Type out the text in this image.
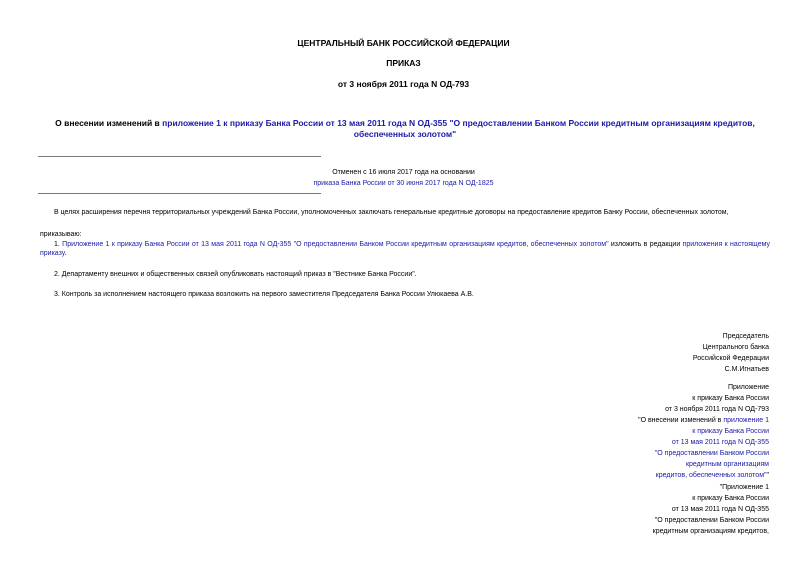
ЦЕНТРАЛЬНЫЙ БАНК РОССИЙСКОЙ ФЕДЕРАЦИИ
ПРИКАЗ
от 3 ноября 2011 года N ОД-793
О внесении изменений в приложение 1 к приказу Банка России от 13 мая 2011 года N ОД-355 "О предоставлении Банком России кредитным организациям кредитов, обеспеченных золотом"
Отменен с 16 июля 2017 года на основании
приказа Банка России от 30 июня 2017 года N ОД-1825
В целях расширения перечня территориальных учреждений Банка России, уполномоченных заключать генеральные кредитные договоры на предоставление кредитов Банку России, обеспеченных золотом,
приказываю:
1. Приложение 1 к приказу Банка России от 13 мая 2011 года N ОД-355 "О предоставлении Банком России кредитным организациям кредитов, обеспеченных золотом" изложить в редакции приложения к настоящему приказу.
2. Департаменту внешних и общественных связей опубликовать настоящий приказ в "Вестнике Банка России".
3. Контроль за исполнением настоящего приказа возложить на первого заместителя Председателя Банка России Улюкаева А.В.
Председатель
Центрального банка
Российской Федерации
С.М.Игнатьев
Приложение
к приказу Банка России
от 3 ноября 2011 года N ОД-793
"О внесении изменений в приложение 1
к приказу Банка России
от 13 мая 2011 года N ОД-355
"О предоставлении Банком России
кредитным организациям
кредитов, обеспеченных золотом""
"Приложение 1
к приказу Банка России
от 13 мая 2011 года N ОД-355
"О предоставлении Банком России
кредитным организациям кредитов,
